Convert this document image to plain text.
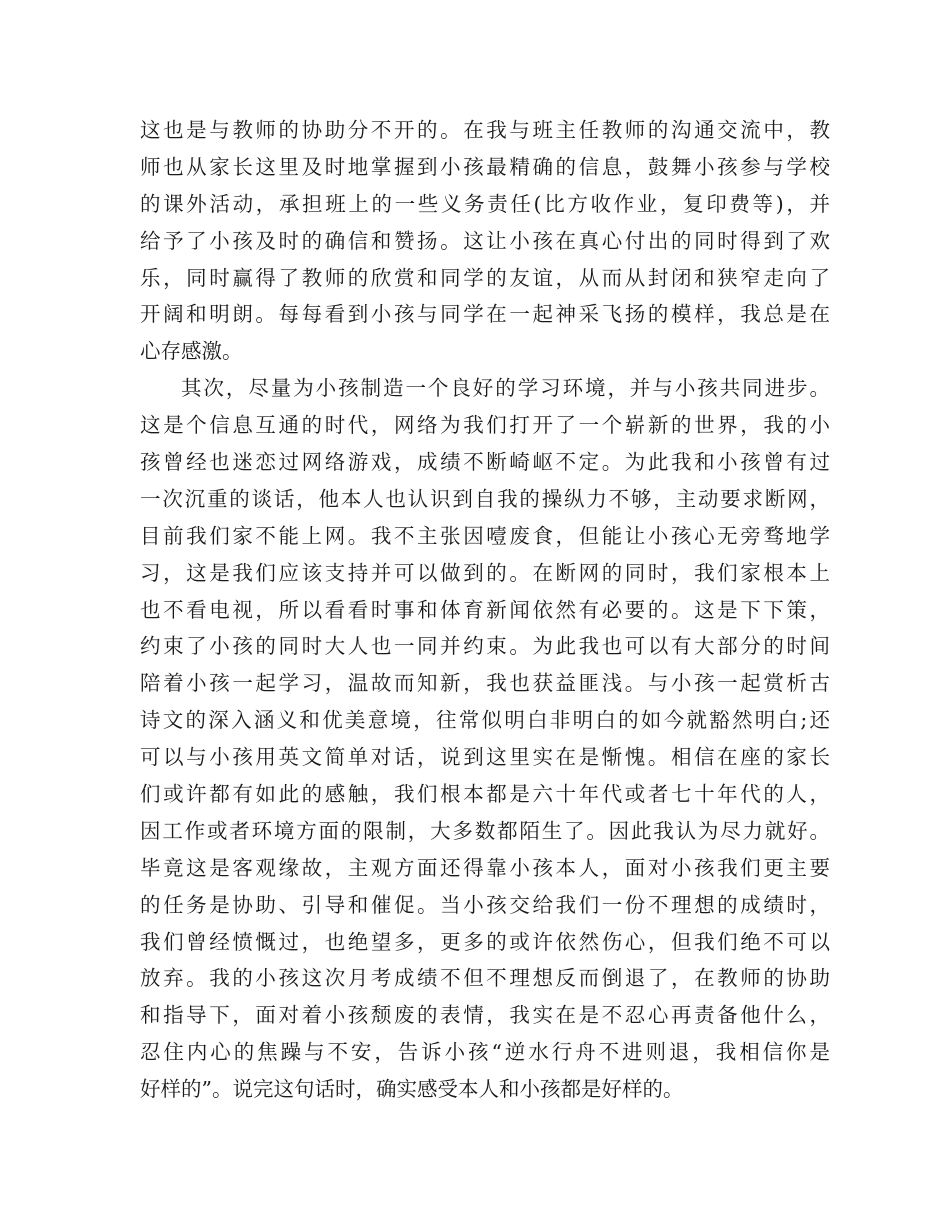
这也是与教师的协助分不开的。在我与班主任教师的沟通交流中，教
师也从家长这里及时地掌握到小孩最精确的信息，鼓舞小孩参与学校
的课外活动，承担班上的一些义务责任(比方收作业，复印费等)，并
给予了小孩及时的确信和赞扬。这让小孩在真心付出的同时得到了欢
乐，同时赢得了教师的欣赏和同学的友谊，从而从封闭和狭窄走向了
开阔和明朗。每每看到小孩与同学在一起神采飞扬的模样，我总是在
心存感激。
其次，尽量为小孩制造一个良好的学习环境，并与小孩共同进步。
这是个信息互通的时代，网络为我们打开了一个崭新的世界，我的小
孩曾经也迷恋过网络游戏，成绩不断崎岖不定。为此我和小孩曾有过
一次沉重的谈话，他本人也认识到自我的操纵力不够，主动要求断网，
目前我们家不能上网。我不主张因噎废食，但能让小孩心无旁骛地学
习，这是我们应该支持并可以做到的。在断网的同时，我们家根本上
也不看电视，所以看看时事和体育新闻依然有必要的。这是下下策，
约束了小孩的同时大人也一同并约束。为此我也可以有大部分的时间
陪着小孩一起学习，温故而知新，我也获益匪浅。与小孩一起赏析古
诗文的深入涵义和优美意境，往常似明白非明白的如今就豁然明白;还
可以与小孩用英文简单对话，说到这里实在是惭愧。相信在座的家长
们或许都有如此的感触，我们根本都是六十年代或者七十年代的人，
因工作或者环境方面的限制，大多数都陌生了。因此我认为尽力就好。
毕竟这是客观缘故，主观方面还得靠小孩本人，面对小孩我们更主要
的任务是协助、引导和催促。当小孩交给我们一份不理想的成绩时，
我们曾经愤慨过，也绝望多，更多的或许依然伤心，但我们绝不可以
放弃。我的小孩这次月考成绩不但不理想反而倒退了，在教师的协助
和指导下，面对着小孩颓废的表情，我实在是不忍心再责备他什么，
忍住内心的焦躁与不安，告诉小孩“逆水行舟不进则退，我相信你是
好样的”。说完这句话时，确实感受本人和小孩都是好样的。
